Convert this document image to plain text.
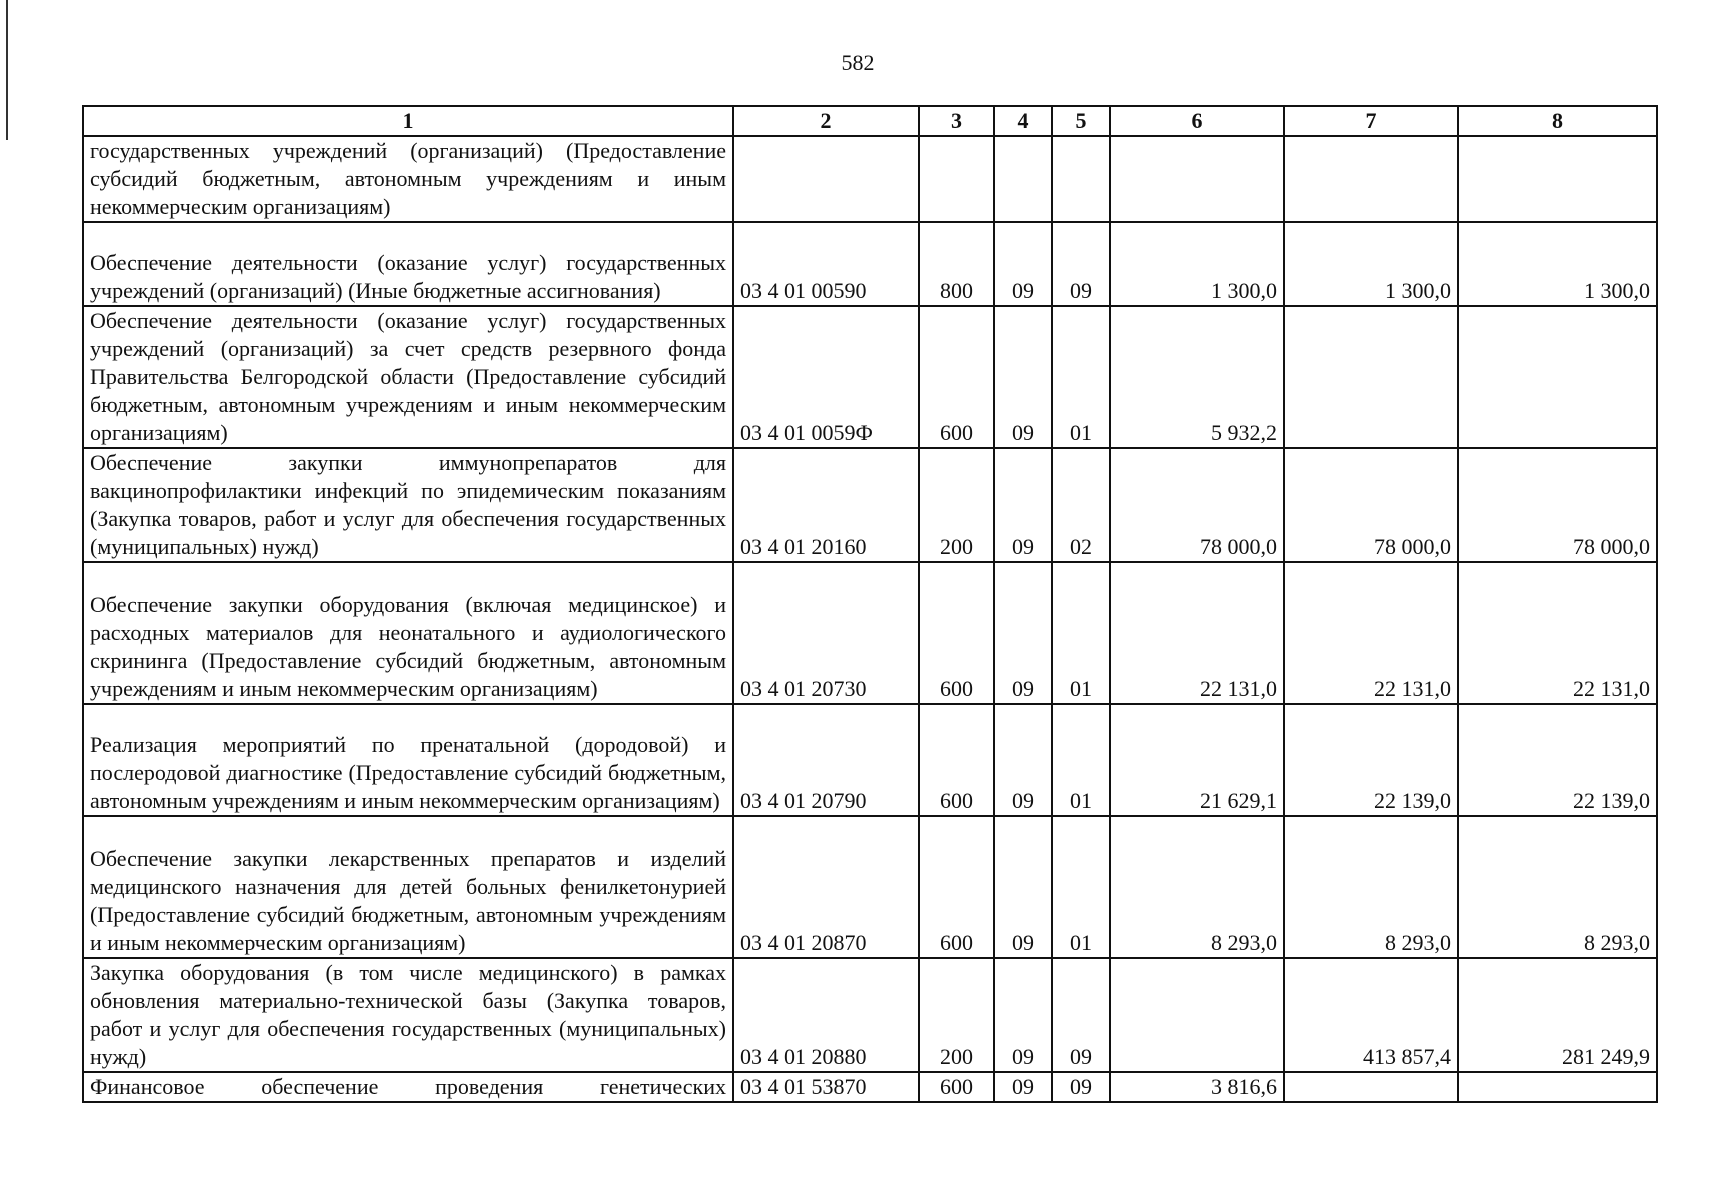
582
1	2	3	4	5	6	7	8
государственных учреждений (организаций) (Предоставление субсидий бюджетным, автономным учреждениям и иным некоммерческим организациям)							
Обеспечение деятельности (оказание услуг) государственных учреждений (организаций) (Иные бюджетные ассигнования)	03 4 01 00590	800	09	09	1 300,0	1 300,0	1 300,0
Обеспечение деятельности (оказание услуг) государственных учреждений (организаций) за счет средств резервного фонда Правительства Белгородской области (Предоставление субсидий бюджетным, автономным учреждениям и иным некоммерческим организациям)	03 4 01 0059Ф	600	09	01	5 932,2		
Обеспечение закупки иммунопрепаратов для вакцинопрофилактики инфекций по эпидемическим показаниям (Закупка товаров, работ и услуг для обеспечения государственных (муниципальных) нужд)	03 4 01 20160	200	09	02	78 000,0	78 000,0	78 000,0
Обеспечение закупки оборудования (включая медицинское) и расходных материалов для неонатального и аудиологического скрининга (Предоставление субсидий бюджетным, автономным учреждениям и иным некоммерческим организациям)	03 4 01 20730	600	09	01	22 131,0	22 131,0	22 131,0
Реализация мероприятий по пренатальной (дородовой) и послеродовой диагностике (Предоставление субсидий бюджетным, автономным учреждениям и иным некоммерческим организациям)	03 4 01 20790	600	09	01	21 629,1	22 139,0	22 139,0
Обеспечение закупки лекарственных препаратов и изделий медицинского назначения для детей больных фенилкетонурией (Предоставление субсидий бюджетным, автономным учреждениям и иным некоммерческим организациям)	03 4 01 20870	600	09	01	8 293,0	8 293,0	8 293,0
Закупка оборудования (в том числе медицинского) в рамках обновления материально-технической базы (Закупка товаров, работ и услуг для обеспечения государственных (муниципальных) нужд)	03 4 01 20880	200	09	09		413 857,4	281 249,9
Финансовое обеспечение проведения генетических	03 4 01 53870	600	09	09	3 816,6		
